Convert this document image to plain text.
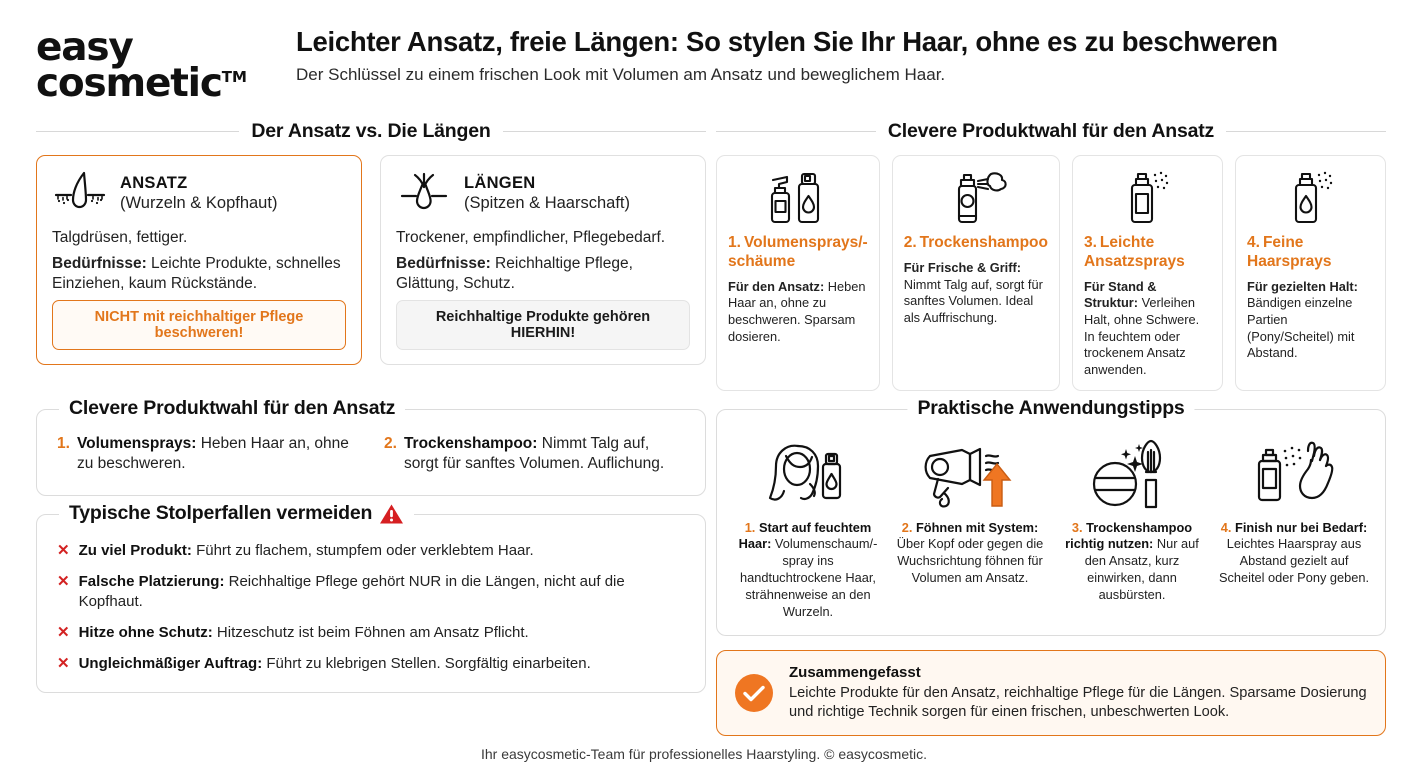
easy
cosmetic™
Leichter Ansatz, freie Längen: So stylen Sie Ihr Haar, ohne es zu beschweren
Der Schlüssel zu einem frischen Look mit Volumen am Ansatz und beweglichem Haar.
Der Ansatz vs. Die Längen
ANSATZ
(Wurzeln & Kopfhaut)
Talgdrüsen, fettiger.
Bedürfnisse: Leichte Produkte, schnelles Einziehen, kaum Rückstände.
NICHT mit reichhaltiger Pflege beschweren!
LÄNGEN
(Spitzen & Haarschaft)
Trockener, empfindlicher, Pflegebedarf.
Bedürfnisse: Reichhaltige Pflege, Glättung, Schutz.
Reichhaltige Produkte gehören HIERHIN!
Clevere Produktwahl für den Ansatz
1. Volumensprays/-schäume
Für den Ansatz: Heben Haar an, ohne zu beschweren. Sparsam dosieren.
2. Trockenshampoo
Für Frische & Griff: Nimmt Talg auf, sorgt für sanftes Volumen. Ideal als Auffrischung.
3. Leichte Ansatzsprays
Für Stand & Struktur: Verleihen Halt, ohne Schwere. In feuchtem oder trockenem Ansatz anwenden.
4. Feine Haarsprays
Für gezielten Halt: Bändigen einzelne Partien (Pony/Scheitel) mit Abstand.
Clevere Produktwahl für den Ansatz
1. Volumensprays: Heben Haar an, ohne zu beschweren.
2. Trockenshampoo: Nimmt Talg auf, sorgt für sanftes Volumen. Auflichung.
Typische Stolperfallen vermeiden
✕ Zu viel Produkt: Führt zu flachem, stumpfem oder verklebtem Haar.
✕ Falsche Platzierung: Reichhaltige Pflege gehört NUR in die Längen, nicht auf die Kopfhaut.
✕ Hitze ohne Schutz: Hitzeschutz ist beim Föhnen am Ansatz Pflicht.
✕ Ungleichmäßiger Auftrag: Führt zu klebrigen Stellen. Sorgfältig einarbeiten.
Praktische Anwendungstipps
1. Start auf feuchtem Haar: Volumenschaum/-spray ins handtuchtrockene Haar, strähnenweise an den Wurzeln.
2. Föhnen mit System: Über Kopf oder gegen die Wuchsrichtung föhnen für Volumen am Ansatz.
3. Trockenshampoo richtig nutzen: Nur auf den Ansatz, kurz einwirken, dann ausbürsten.
4. Finish nur bei Bedarf: Leichtes Haarspray aus Abstand gezielt auf Scheitel oder Pony geben.
Zusammengefasst
Leichte Produkte für den Ansatz, reichhaltige Pflege für die Längen. Sparsame Dosierung und richtige Technik sorgen für einen frischen, unbeschwerten Look.
Ihr easycosmetic-Team für professionelles Haarstyling. © easycosmetic.
